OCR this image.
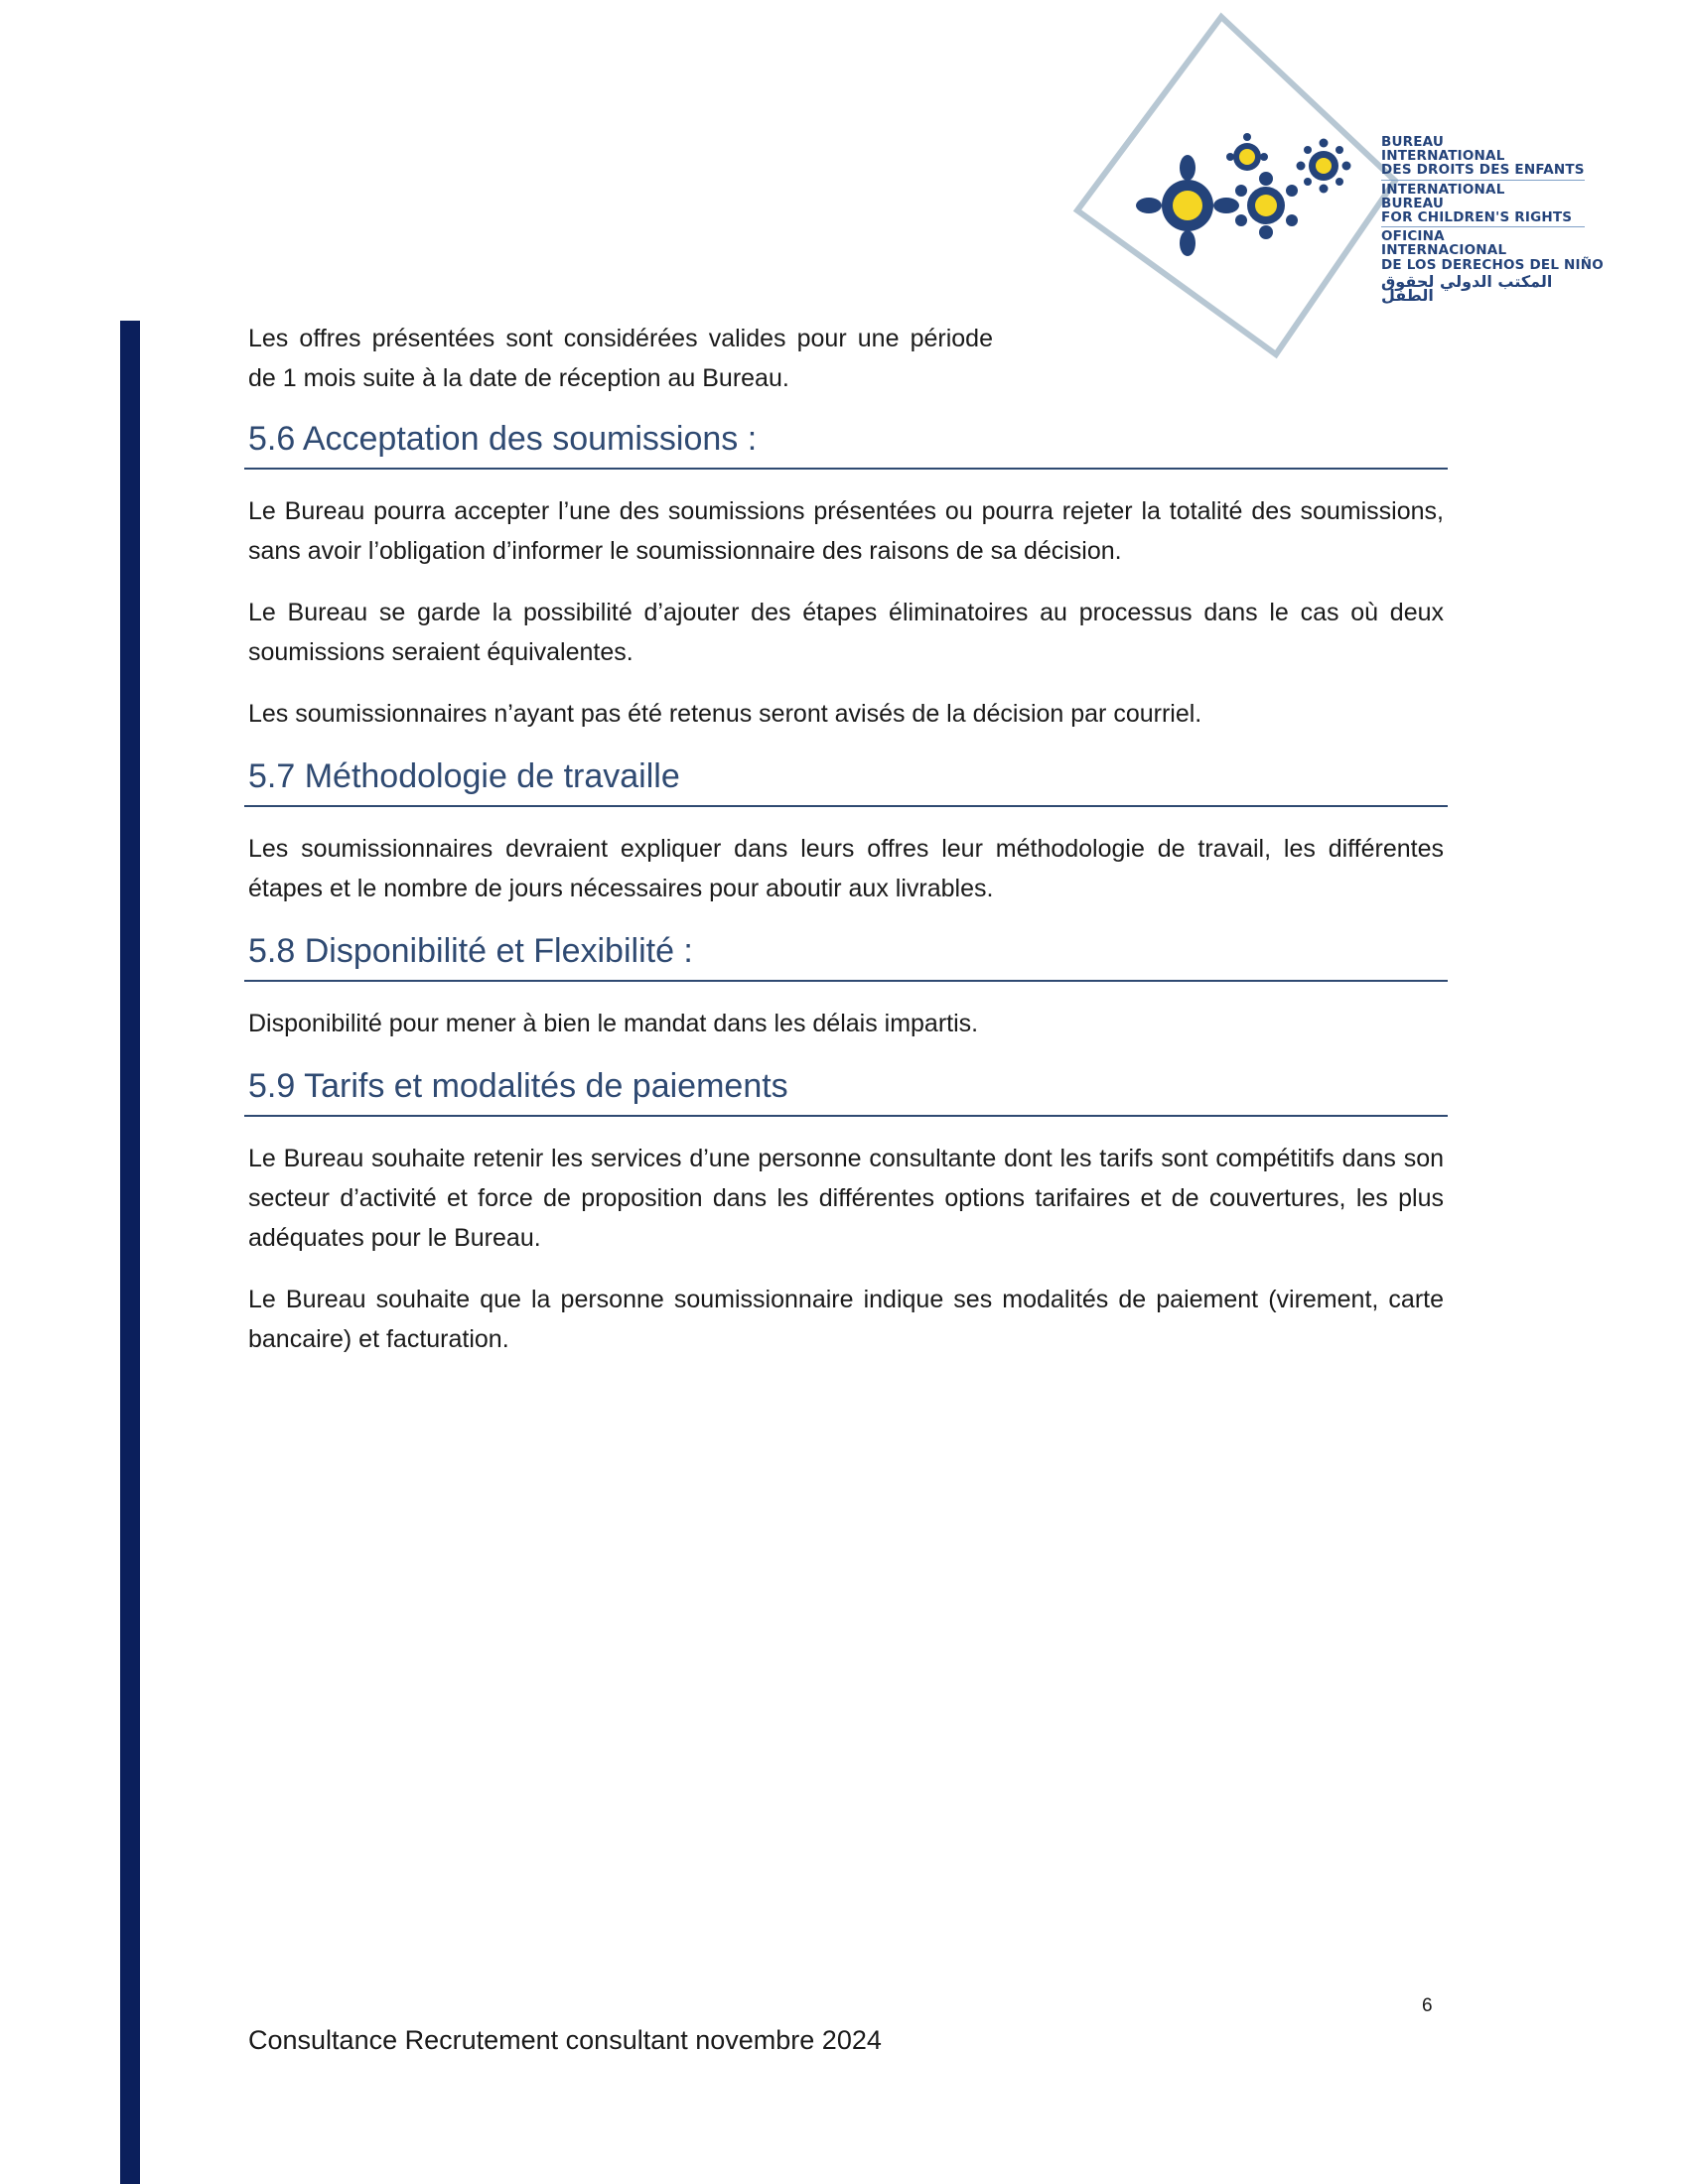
BUREAU
INTERNATIONAL
DES DROITS DES ENFANTS
INTERNATIONAL
BUREAU
FOR CHILDREN'S RIGHTS
OFICINA
INTERNACIONAL
DE LOS DERECHOS DEL NIÑO
المكتب الدولي لحقوق الطفل

Les offres présentées sont considérées valides pour une période de 1 mois suite à la date de réception au Bureau.

5.6 Acceptation des soumissions :

Le Bureau pourra accepter l’une des soumissions présentées ou pourra rejeter la totalité des soumissions, sans avoir l’obligation d’informer le soumissionnaire des raisons de sa décision.

Le Bureau se garde la possibilité d’ajouter des étapes éliminatoires au processus dans le cas où deux soumissions seraient équivalentes.

Les soumissionnaires n’ayant pas été retenus seront avisés de la décision par courriel.

5.7 Méthodologie de travaille

Les soumissionnaires devraient expliquer dans leurs offres leur méthodologie de travail, les différentes étapes et le nombre de jours nécessaires pour aboutir aux livrables.

5.8 Disponibilité et Flexibilité :

Disponibilité pour mener à bien le mandat dans les délais impartis.

5.9 Tarifs et modalités de paiements

Le Bureau souhaite retenir les services d’une personne consultante dont les tarifs sont compétitifs dans son secteur d’activité et force de proposition dans les différentes options tarifaires et de couvertures, les plus adéquates pour le Bureau.

Le Bureau souhaite que la personne soumissionnaire indique ses modalités de paiement (virement, carte bancaire) et facturation.

6
Consultance Recrutement consultant novembre 2024
